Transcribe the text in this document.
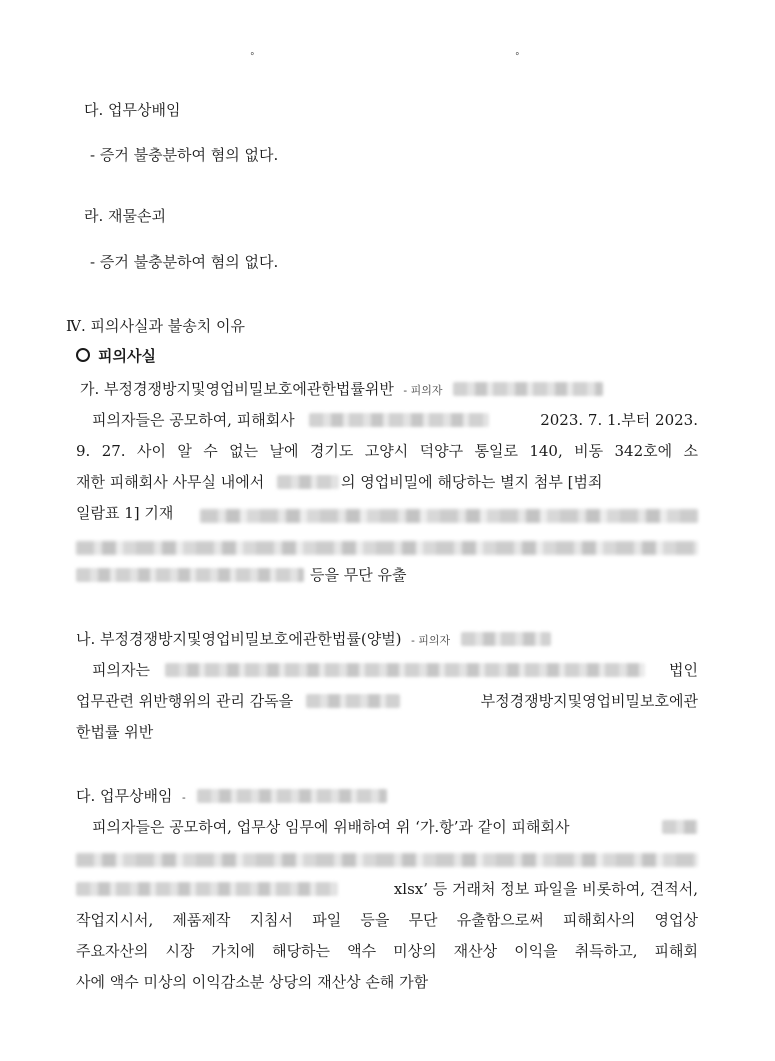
°	°
다. 업무상배임
- 증거 불충분하여 혐의 없다.
라. 재물손괴
- 증거 불충분하여 혐의 없다.
Ⅳ. 피의사실과 불송치 이유
피의사실
가. 부정경쟁방지및영업비밀보호에관한법률위반 - 피의자
피의자들은 공모하여, 피해회사	2023. 7. 1.부터 2023.
9. 27. 사이 알 수 없는 날에 경기도 고양시 덕양구 통일로 140, 비동 342호에 소
재한 피해회사 사무실 내에서	의 영업비밀에 해당하는 별지 첨부 [범죄
일람표 1] 기재
등을 무단 유출
나. 부정경쟁방지및영업비밀보호에관한법률(양벌) - 피의자
피의자는	법인
업무관련 위반행위의 관리 감독을	부정경쟁방지및영업비밀보호에관
한법률 위반
다. 업무상배임 -
피의자들은 공모하여, 업무상 임무에 위배하여 위 ‘가.항’과 같이 피해회사
xlsx’ 등 거래처 정보 파일을 비롯하여, 견적서,
작업지시서, 제품제작 지침서 파일 등을 무단 유출함으로써 피해회사의 영업상
주요자산의 시장 가치에 해당하는 액수 미상의 재산상 이익을 취득하고, 피해회
사에 액수 미상의 이익감소분 상당의 재산상 손해 가함
